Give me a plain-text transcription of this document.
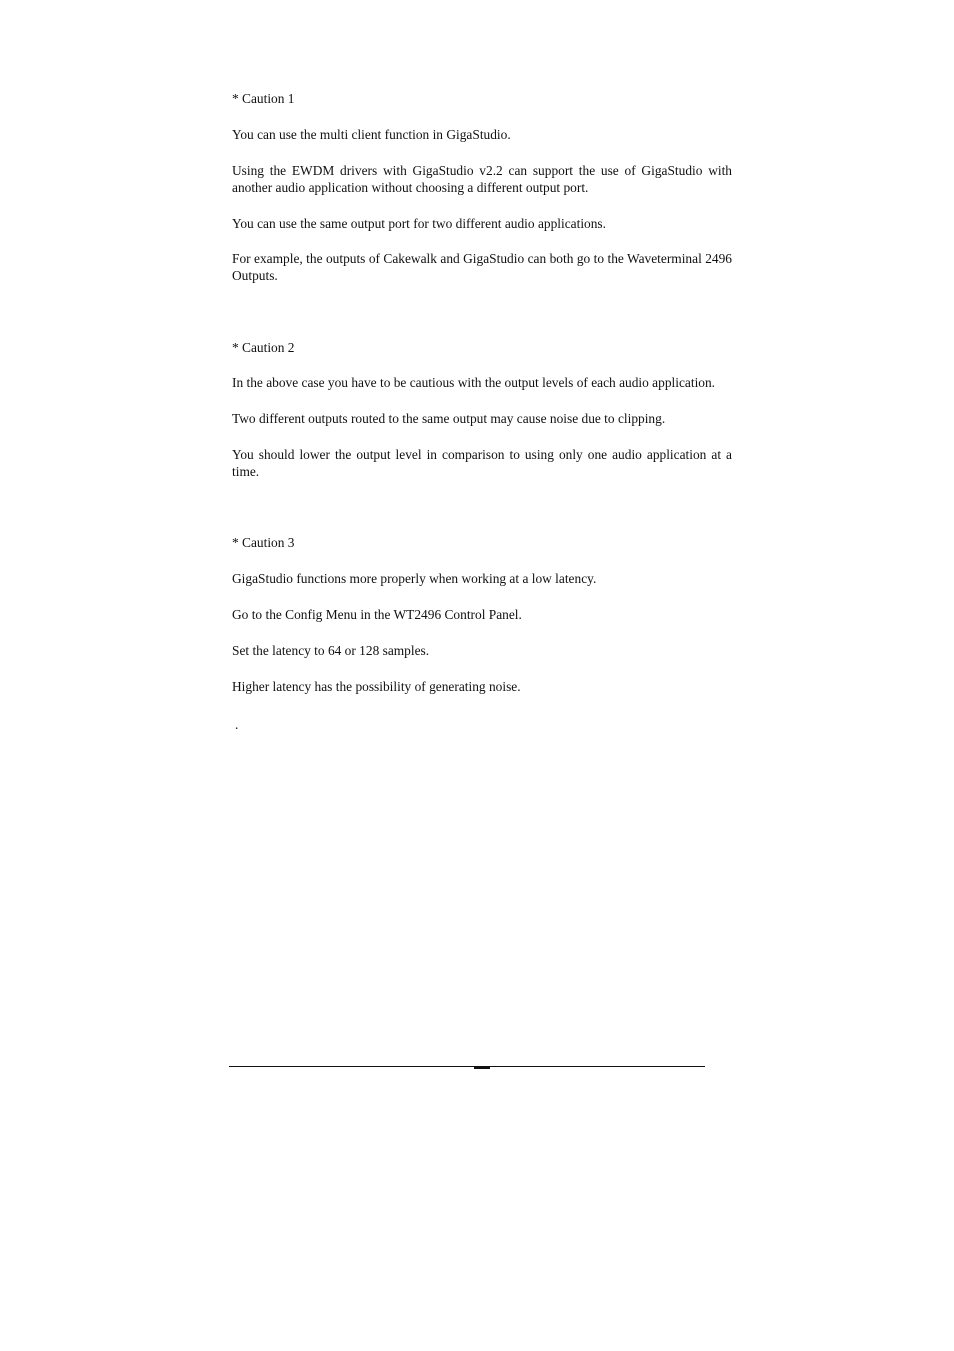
* Caution 1

You can use the multi client function in GigaStudio.

Using the EWDM drivers with GigaStudio v2.2 can support the use of GigaStudio with another audio application without choosing a different output port.

You can use the same output port for two different audio applications.

For example, the outputs of Cakewalk and GigaStudio can both go to the Waveterminal 2496 Outputs.

* Caution 2

In the above case you have to be cautious with the output levels of each audio application.

Two different outputs routed to the same output may cause noise due to clipping.

You should lower the output level in comparison to using only one audio application at a time.

* Caution 3

GigaStudio functions more properly when working at a low latency.

Go to the Config Menu in the WT2496 Control Panel.

Set the latency to 64 or 128 samples.

Higher latency has the possibility of generating noise.

.
